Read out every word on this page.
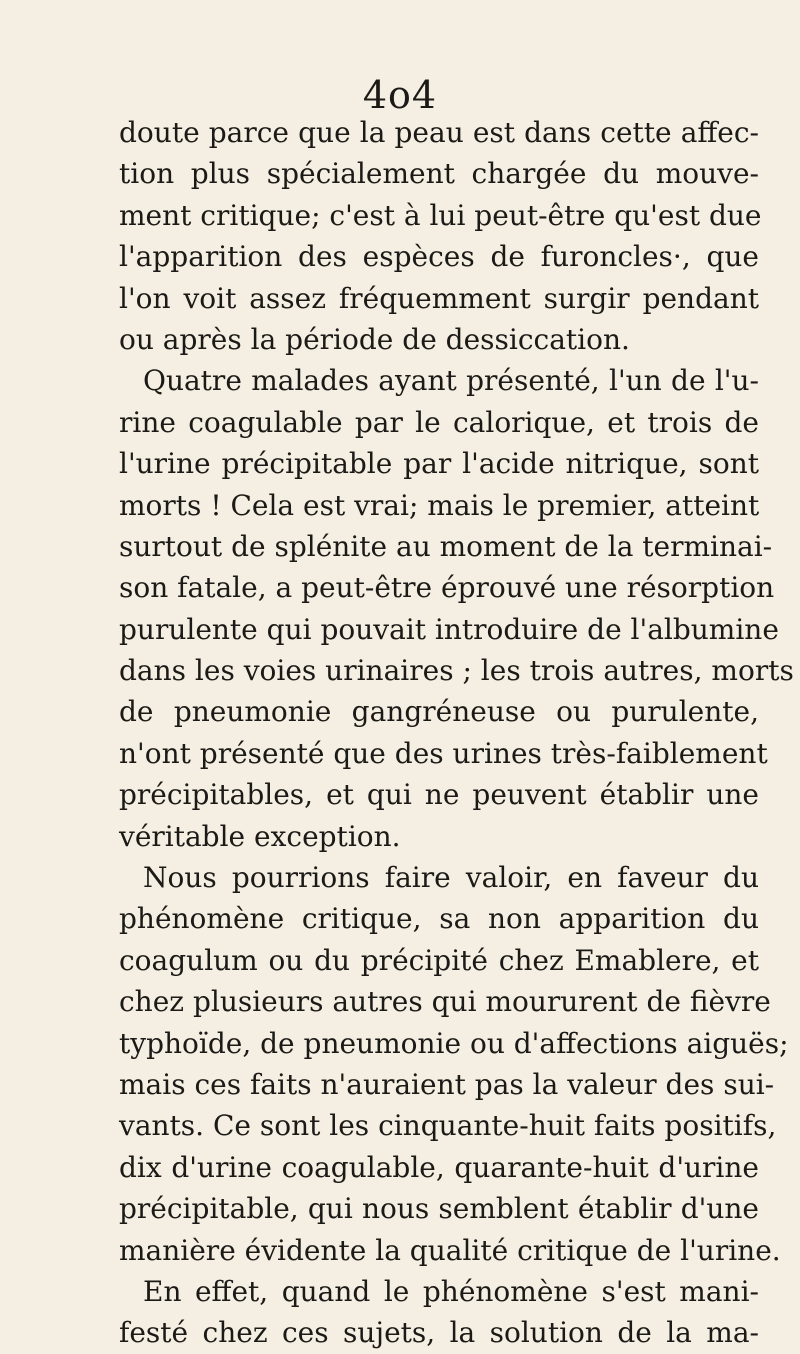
4o4
doute parce que la peau est dans cette affec-
tion plus spécialement chargée du mouve-
ment critique; c'est à lui peut-être qu'est due
l'apparition des espèces de furoncles·, que
l'on voit assez fréquemment surgir pendant
ou après la période de dessiccation.
Quatre malades ayant présenté, l'un de l'u-
rine coagulable par le calorique, et trois de
l'urine précipitable par l'acide nitrique, sont
morts ! Cela est vrai; mais le premier, atteint
surtout de splénite au moment de la terminai-
son fatale, a peut-être éprouvé une résorption
purulente qui pouvait introduire de l'albumine
dans les voies urinaires ; les trois autres, morts
de pneumonie gangréneuse ou purulente,
n'ont présenté que des urines très-faiblement
précipitables, et qui ne peuvent établir une
véritable exception.
Nous pourrions faire valoir, en faveur du
phénomène critique, sa non apparition du
coagulum ou du précipité chez Emablere, et
chez plusieurs autres qui moururent de fièvre
typhoïde, de pneumonie ou d'affections aiguës;
mais ces faits n'auraient pas la valeur des sui-
vants. Ce sont les cinquante-huit faits positifs,
dix d'urine coagulable, quarante-huit d'urine
précipitable, qui nous semblent établir d'une
manière évidente la qualité critique de l'urine.
En effet, quand le phénomène s'est mani-
festé chez ces sujets, la solution de la ma-
